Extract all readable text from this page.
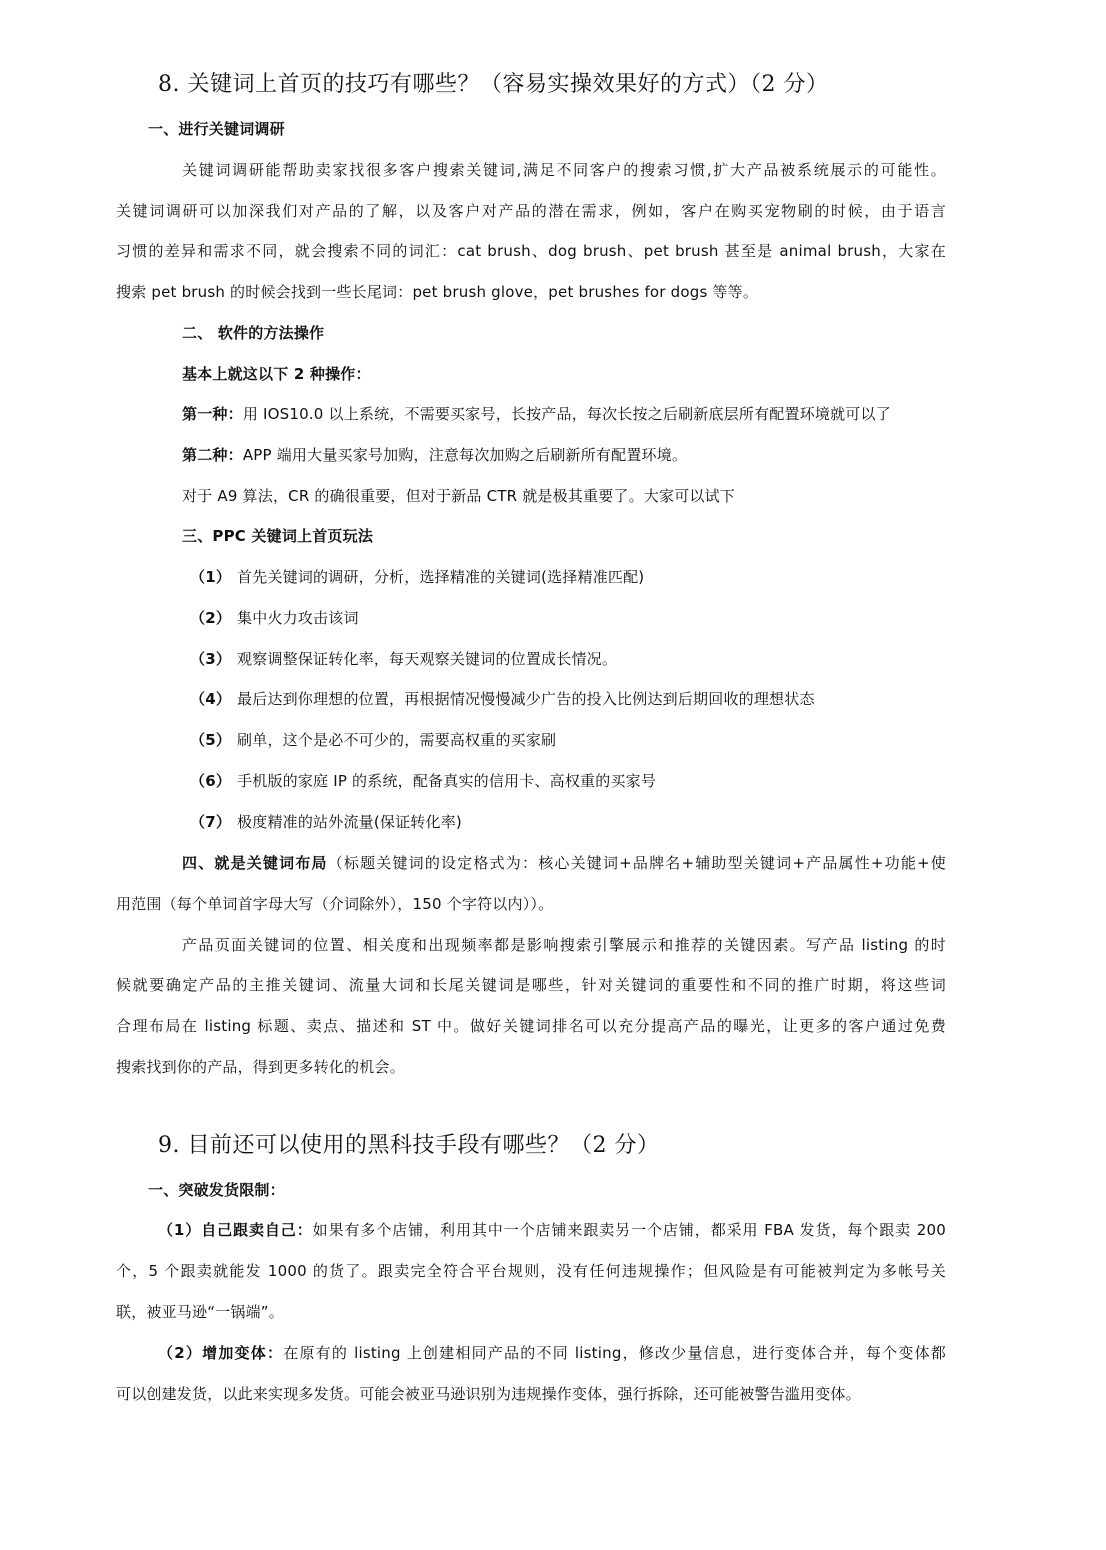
8. 关键词上首页的技巧有哪些？（容易实操效果好的方式）（2 分）
一、进行关键词调研
关键词调研能帮助卖家找很多客户搜索关键词,满足不同客户的搜索习惯,扩大产品被系统展示的可能性。
关键词调研可以加深我们对产品的了解，以及客户对产品的潜在需求，例如，客户在购买宠物刷的时候，由于语言
习惯的差异和需求不同，就会搜索不同的词汇：cat brush、dog brush、pet brush 甚至是 animal brush，大家在
搜索 pet brush 的时候会找到一些长尾词：pet brush glove，pet brushes for dogs 等等。
二、 软件的方法操作
基本上就这以下 2 种操作：
第一种：用 IOS10.0 以上系统，不需要买家号，长按产品，每次长按之后刷新底层所有配置环境就可以了
第二种：APP 端用大量买家号加购，注意每次加购之后刷新所有配置环境。
对于 A9 算法，CR 的确很重要，但对于新品 CTR 就是极其重要了。大家可以试下
三、PPC 关键词上首页玩法
（1） 首先关键词的调研，分析，选择精准的关键词(选择精准匹配)
（2） 集中火力攻击该词
（3） 观察调整保证转化率，每天观察关键词的位置成长情况。
（4） 最后达到你理想的位置，再根据情况慢慢减少广告的投入比例达到后期回收的理想状态
（5） 刷单，这个是必不可少的，需要高权重的买家刷
（6） 手机版的家庭 IP 的系统，配备真实的信用卡、高权重的买家号
（7） 极度精准的站外流量(保证转化率)
四、就是关键词布局（标题关键词的设定格式为：核心关键词+品牌名+辅助型关键词+产品属性+功能+使
用范围（每个单词首字母大写（介词除外），150 个字符以内））。
产品页面关键词的位置、相关度和出现频率都是影响搜索引擎展示和推荐的关键因素。写产品 listing 的时
候就要确定产品的主推关键词、流量大词和长尾关键词是哪些，针对关键词的重要性和不同的推广时期，将这些词
合理布局在 listing 标题、卖点、描述和 ST 中。做好关键词排名可以充分提高产品的曝光，让更多的客户通过免费
搜索找到你的产品，得到更多转化的机会。
9. 目前还可以使用的黑科技手段有哪些？（2 分）
一、突破发货限制：
（1）自己跟卖自己：如果有多个店铺，利用其中一个店铺来跟卖另一个店铺，都采用 FBA 发货，每个跟卖 200
个，5 个跟卖就能发 1000 的货了。跟卖完全符合平台规则，没有任何违规操作；但风险是有可能被判定为多帐号关
联，被亚马逊“一锅端”。
（2）增加变体：在原有的 listing 上创建相同产品的不同 listing，修改少量信息，进行变体合并，每个变体都
可以创建发货，以此来实现多发货。可能会被亚马逊识别为违规操作变体，强行拆除，还可能被警告滥用变体。
